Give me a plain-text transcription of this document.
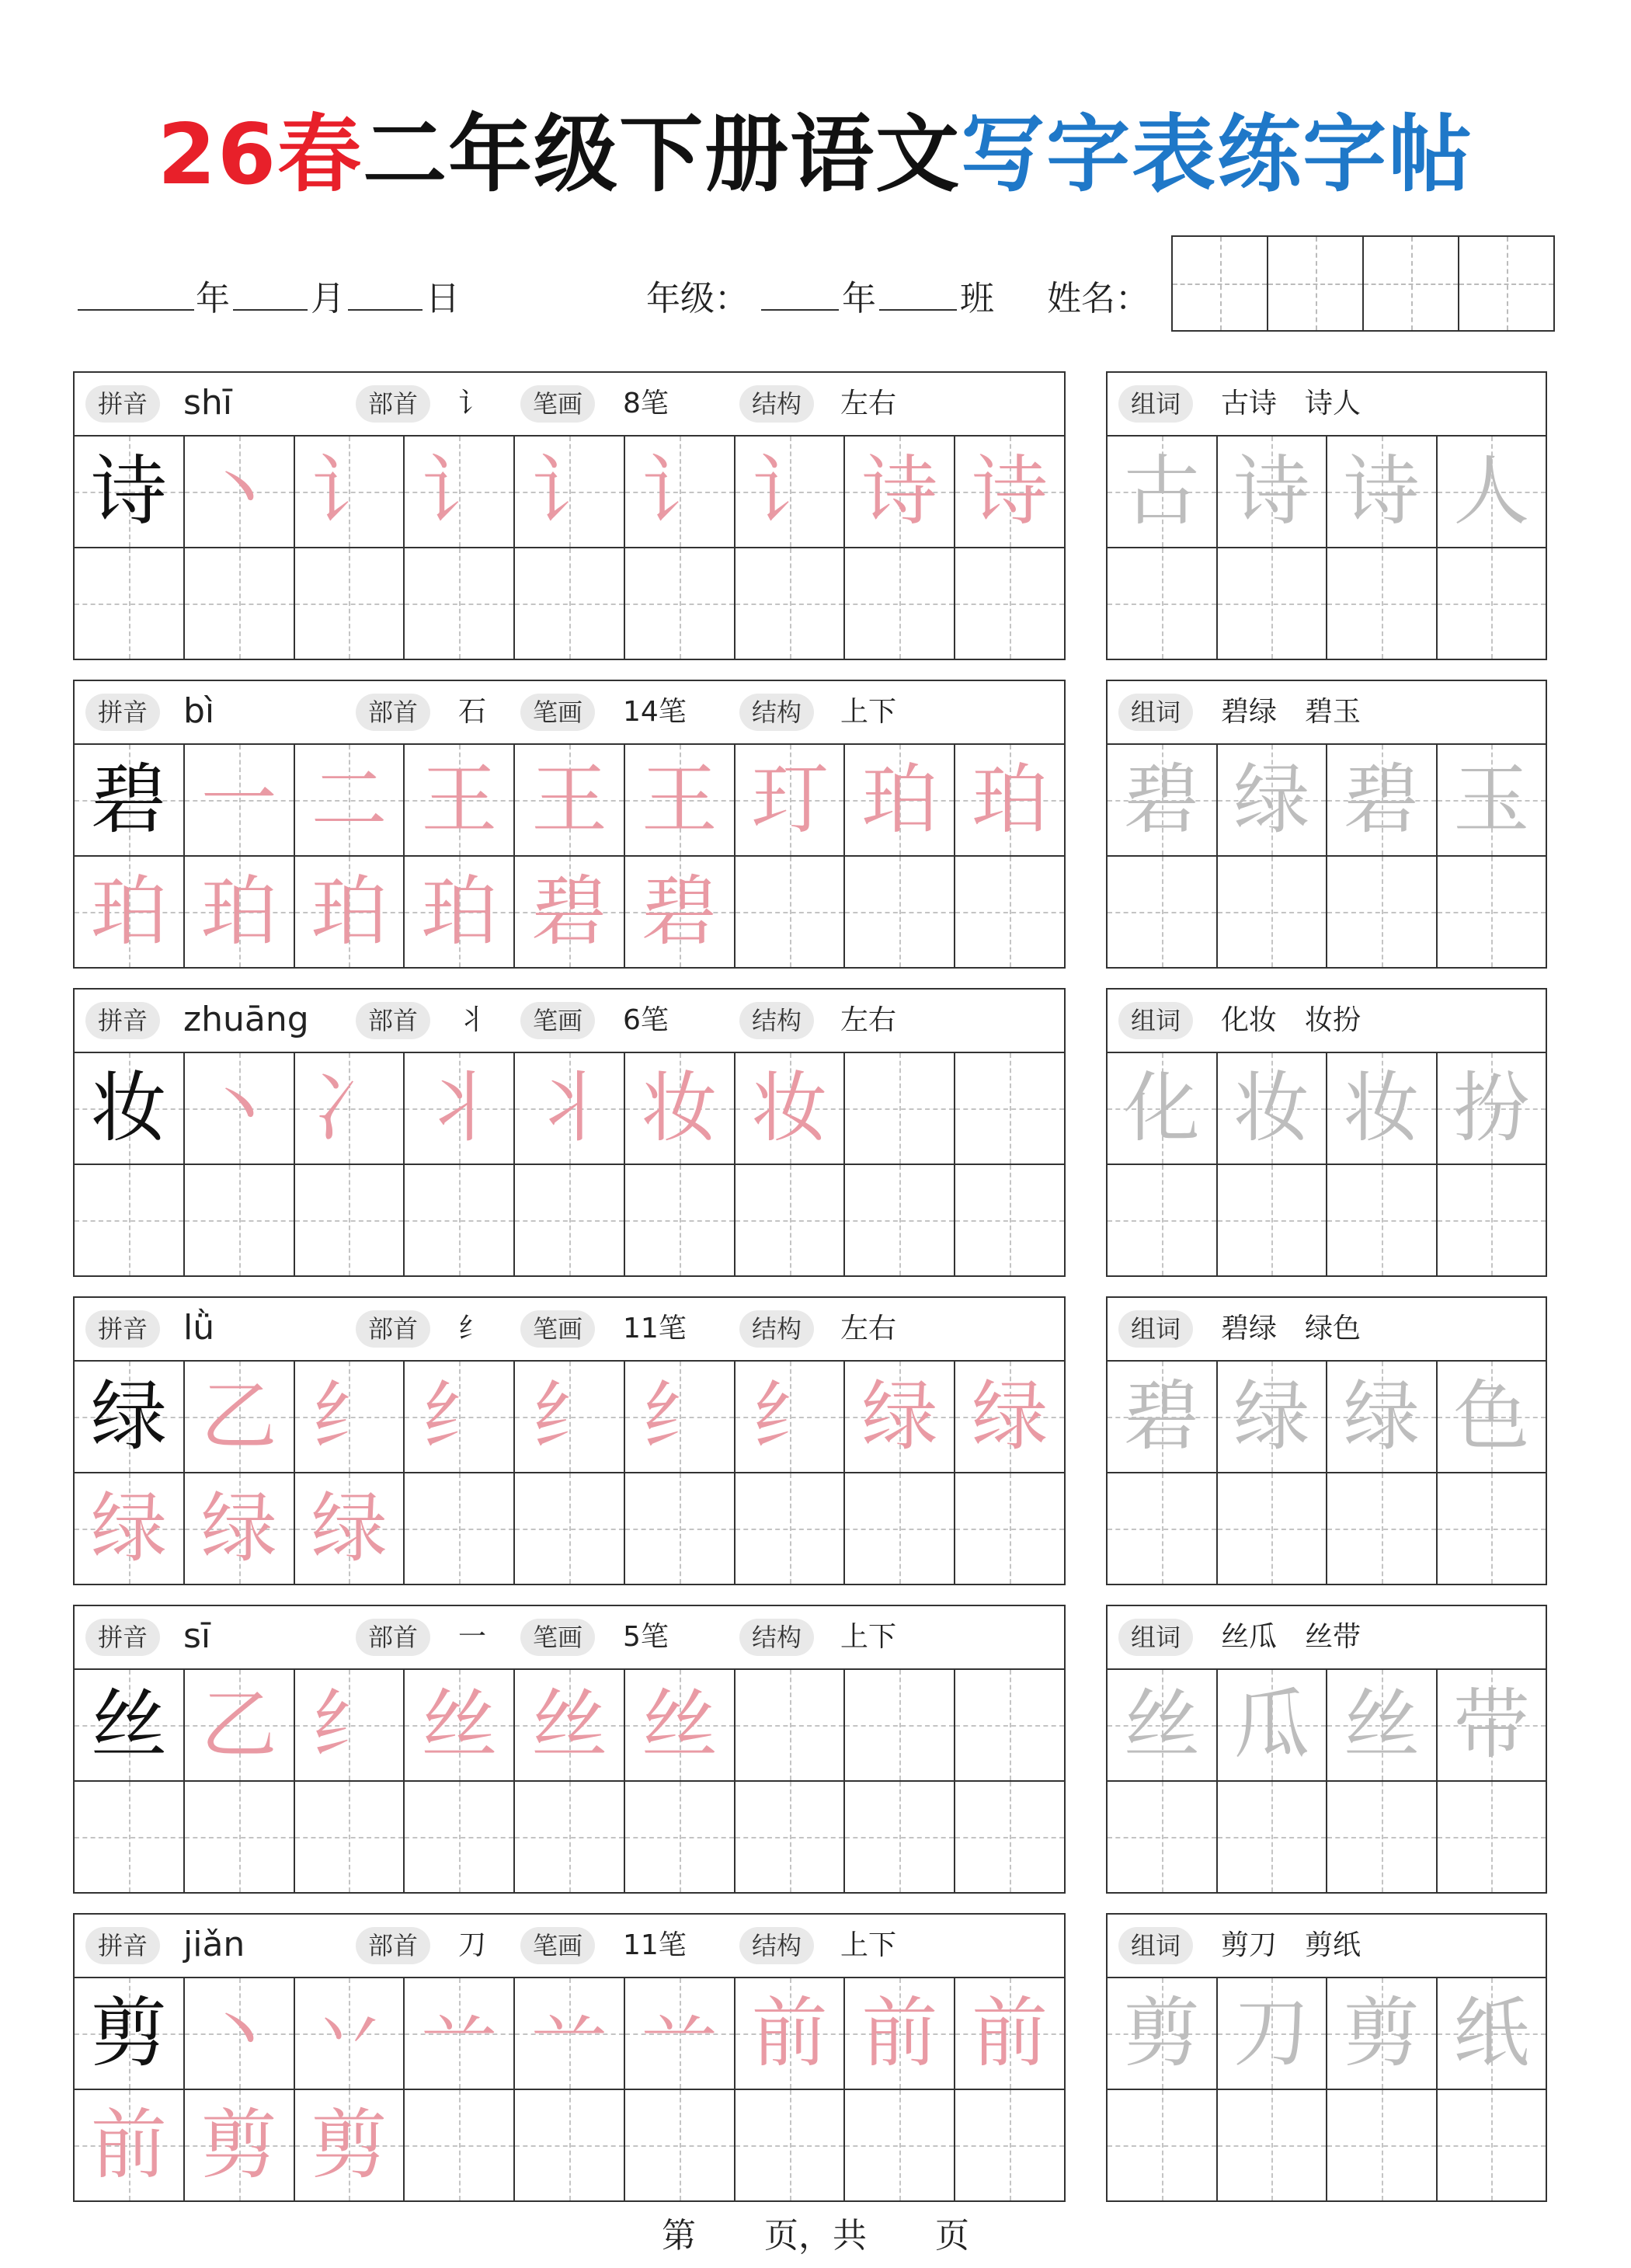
26春二年级下册语文写字表练字帖
年 月 日	年级：	年 班 姓名：
拼音	shī	部首	讠	笔画	8笔	结构	左右
诗 丶 讠 讠 讠 讠 讠 诗 诗
组词	古诗　诗人
古 诗 诗 人
拼音	bì	部首	石	笔画	14笔	结构	上下
碧 一 二 王 王 王 玎 珀 珀
珀 珀 珀 珀 碧 碧
组词	碧绿　碧玉
碧 绿 碧 玉
拼音	zhuāng	部首	丬	笔画	6笔	结构	左右
妆 丶 冫 丬 丬 妆 妆
组词	化妆　妆扮
化 妆 妆 扮
拼音	lǜ	部首	纟	笔画	11笔	结构	左右
绿 乙 纟 纟 纟 纟 纟 绿 绿
绿 绿 绿
组词	碧绿　绿色
碧 绿 绿 色
拼音	sī	部首	一	笔画	5笔	结构	上下
丝 乙 纟 丝 丝 丝
组词	丝瓜　丝带
丝 瓜 丝 带
拼音	jiǎn	部首	刀	笔画	11笔	结构	上下
剪 丶 丷 䒑 䒑 䒑 前 前 前
前 剪 剪
组词	剪刀　剪纸
剪 刀 剪 纸
第　　页，共　　页
